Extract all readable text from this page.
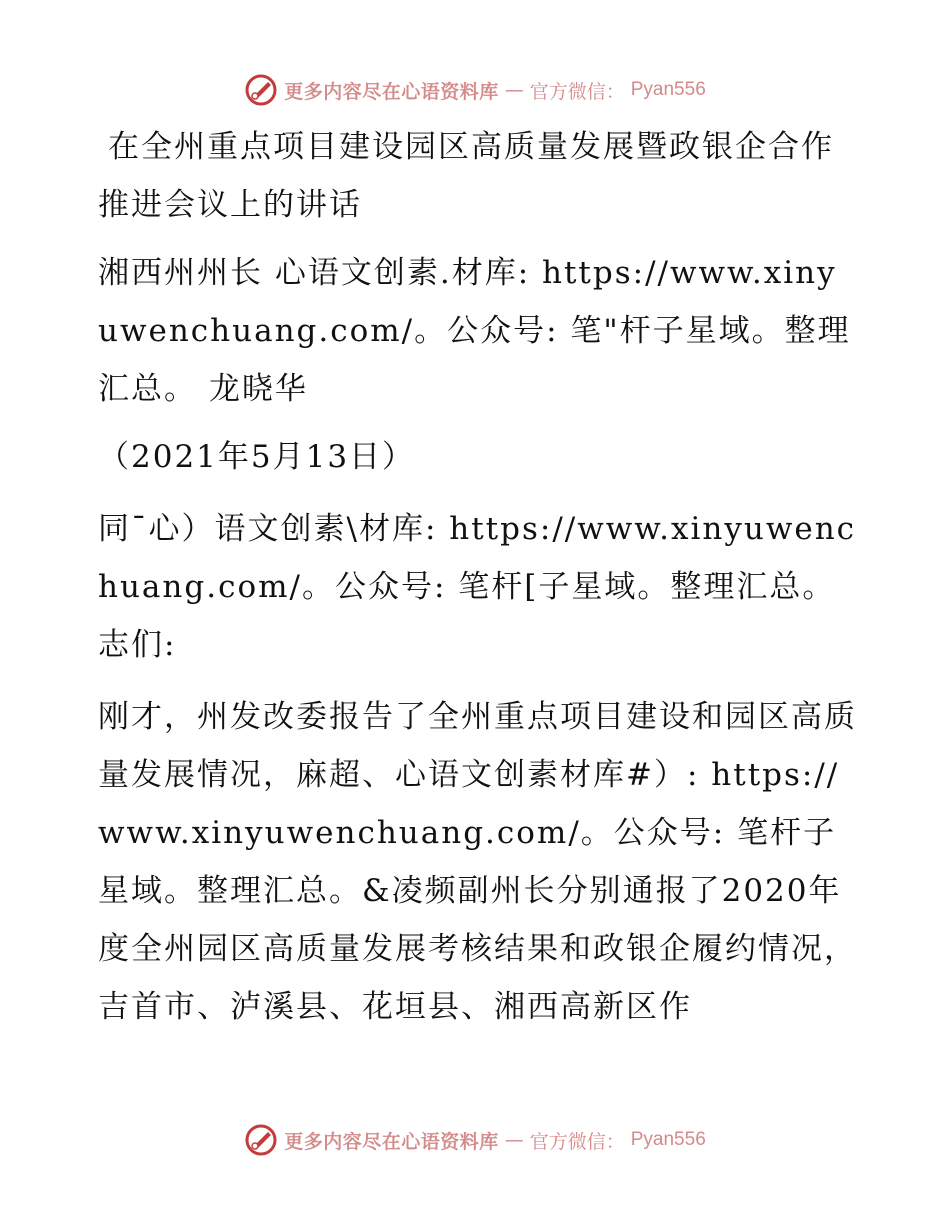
更多内容尽在心语资料库 — 官方微信： Pyan556

在全州重点项目建设园区高质量发展暨政银企合作推进会议上的讲话

湘西州州长 心语文创素.材库: https://www.xinyuwenchuang.com/。公众号: 笔"杆子星域。整理汇总。 龙晓华

（2021年5月13日）

同¯心）语文创素\材库: https://www.xinyuwenchuang.com/。公众号: 笔杆[子星域。整理汇总。志们:

刚才，州发改委报告了全州重点项目建设和园区高质量发展情况，麻超、心语文创素材库#）: https://www.xinyuwenchuang.com/。公众号: 笔杆子星域。整理汇总。&凌频副州长分别通报了2020年度全州园区高质量发展考核结果和政银企履约情况，吉首市、泸溪县、花垣县、湘西高新区作

更多内容尽在心语资料库 — 官方微信： Pyan556
